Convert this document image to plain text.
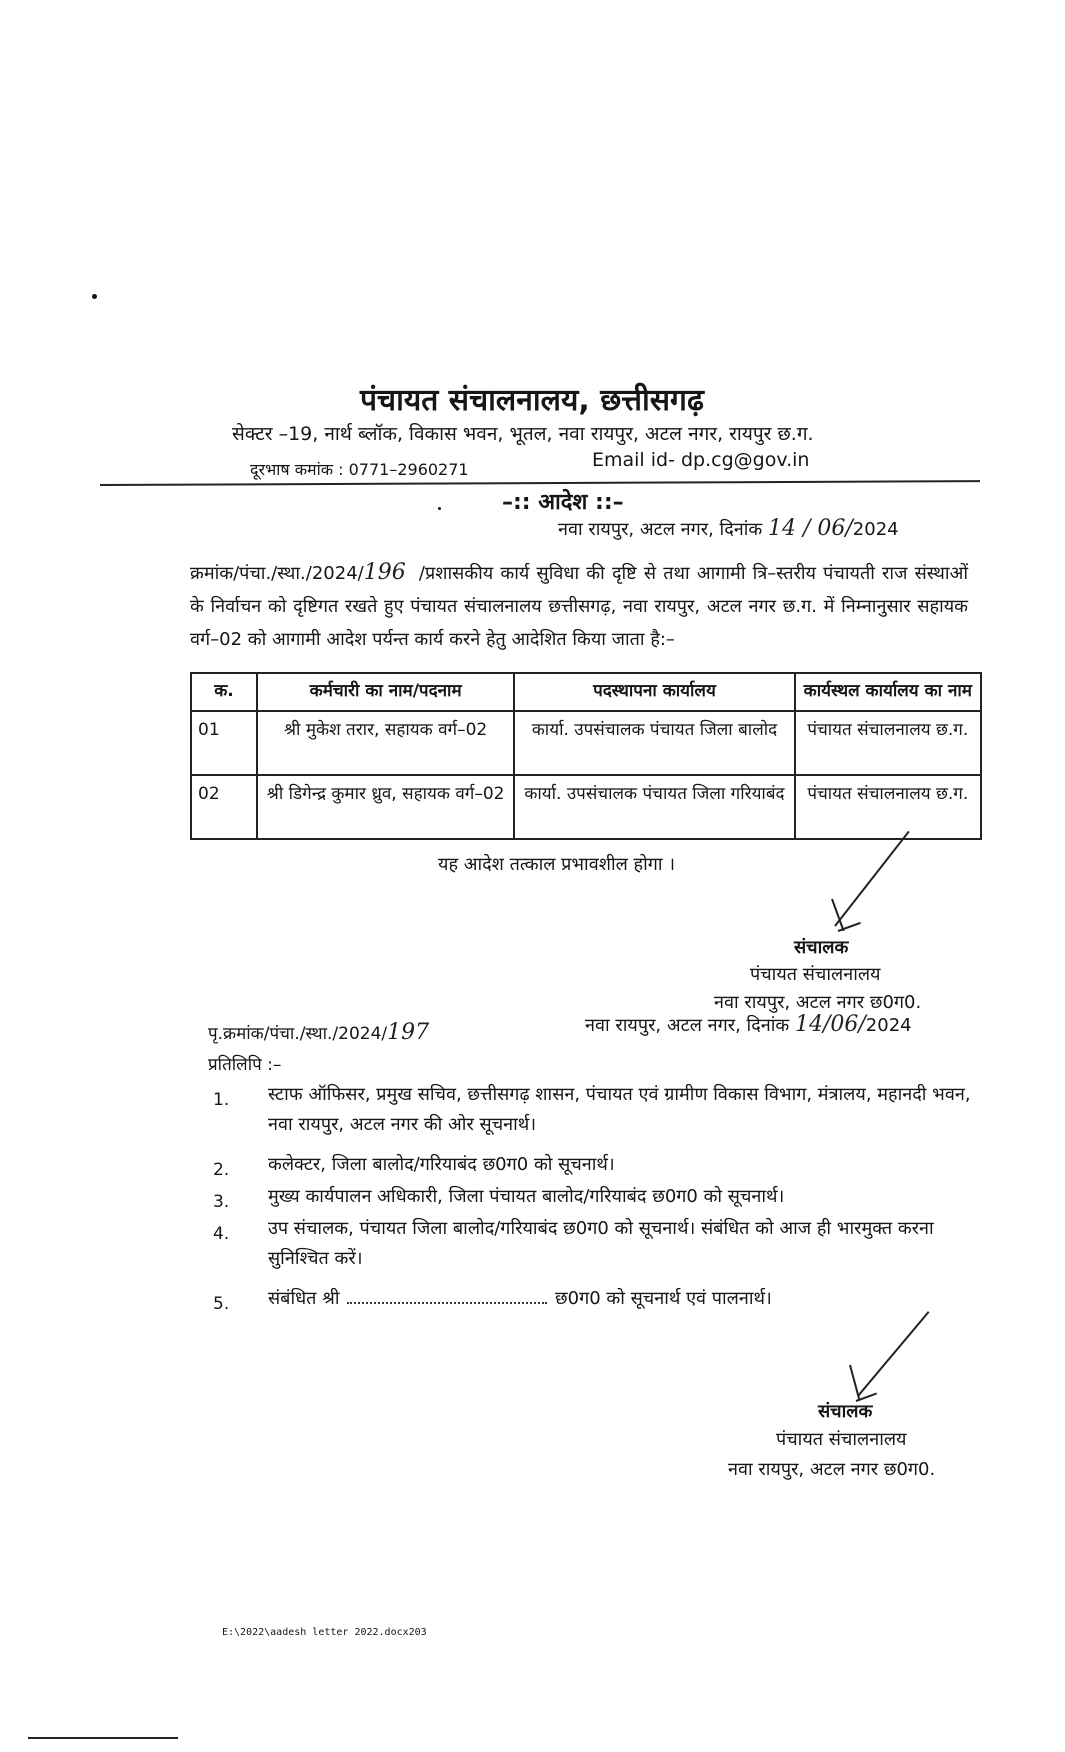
पंचायत संचालनालय, छत्तीसगढ़
सेक्टर –19, नार्थ ब्लॉक, विकास भवन, भूतल, नवा रायपुर, अटल नगर, रायपुर छ.ग.
दूरभाष कमांक : 0771–2960271	Email id- dp.cg@gov.in
–:: आदेश ::–
नवा रायपुर, अटल नगर, दिनांक 14 / 06/2024
क्रमांक/पंचा./स्था./2024/196 /प्रशासकीय कार्य सुविधा की दृष्टि से तथा आगामी त्रि–स्तरीय पंचायती राज संस्थाओं के निर्वाचन को दृष्टिगत रखते हुए पंचायत संचालनालय छत्तीसगढ़, नवा रायपुर, अटल नगर छ.ग. में निम्नानुसार सहायक वर्ग–02 को आगामी आदेश पर्यन्त कार्य करने हेतु आदेशित किया जाता है:–
क.	कर्मचारी का नाम/पदनाम	पदस्थापना कार्यालय	कार्यस्थल कार्यालय का नाम
01	श्री मुकेश तरार, सहायक वर्ग–02	कार्या. उपसंचालक पंचायत जिला बालोद	पंचायत संचालनालय छ.ग.
02	श्री डिगेन्द्र कुमार ध्रुव, सहायक वर्ग–02	कार्या. उपसंचालक पंचायत जिला गरियाबंद	पंचायत संचालनालय छ.ग.
यह आदेश तत्काल प्रभावशील होगा ।
संचालक
पंचायत संचालनालय
नवा रायपुर, अटल नगर छ0ग0.
पृ.क्रमांक/पंचा./स्था./2024/197	नवा रायपुर, अटल नगर, दिनांक 14/06/2024
प्रतिलिपि :–
1. स्टाफ ऑफिसर, प्रमुख सचिव, छत्तीसगढ़ शासन, पंचायत एवं ग्रामीण विकास विभाग, मंत्रालय, महानदी भवन, नवा रायपुर, अटल नगर की ओर सूचनार्थ।
2. कलेक्टर, जिला बालोद/गरियाबंद छ0ग0 को सूचनार्थ।
3. मुख्य कार्यपालन अधिकारी, जिला पंचायत बालोद/गरियाबंद छ0ग0 को सूचनार्थ।
4. उप संचालक, पंचायत जिला बालोद/गरियाबंद छ0ग0 को सूचनार्थ। संबंधित को आज ही भारमुक्त करना सुनिश्चित करें।
5. संबंधित श्री	छ0ग0 को सूचनार्थ एवं पालनार्थ।
संचालक
पंचायत संचालनालय
नवा रायपुर, अटल नगर छ0ग0.
E:\2022\aadesh letter 2022.docx203
